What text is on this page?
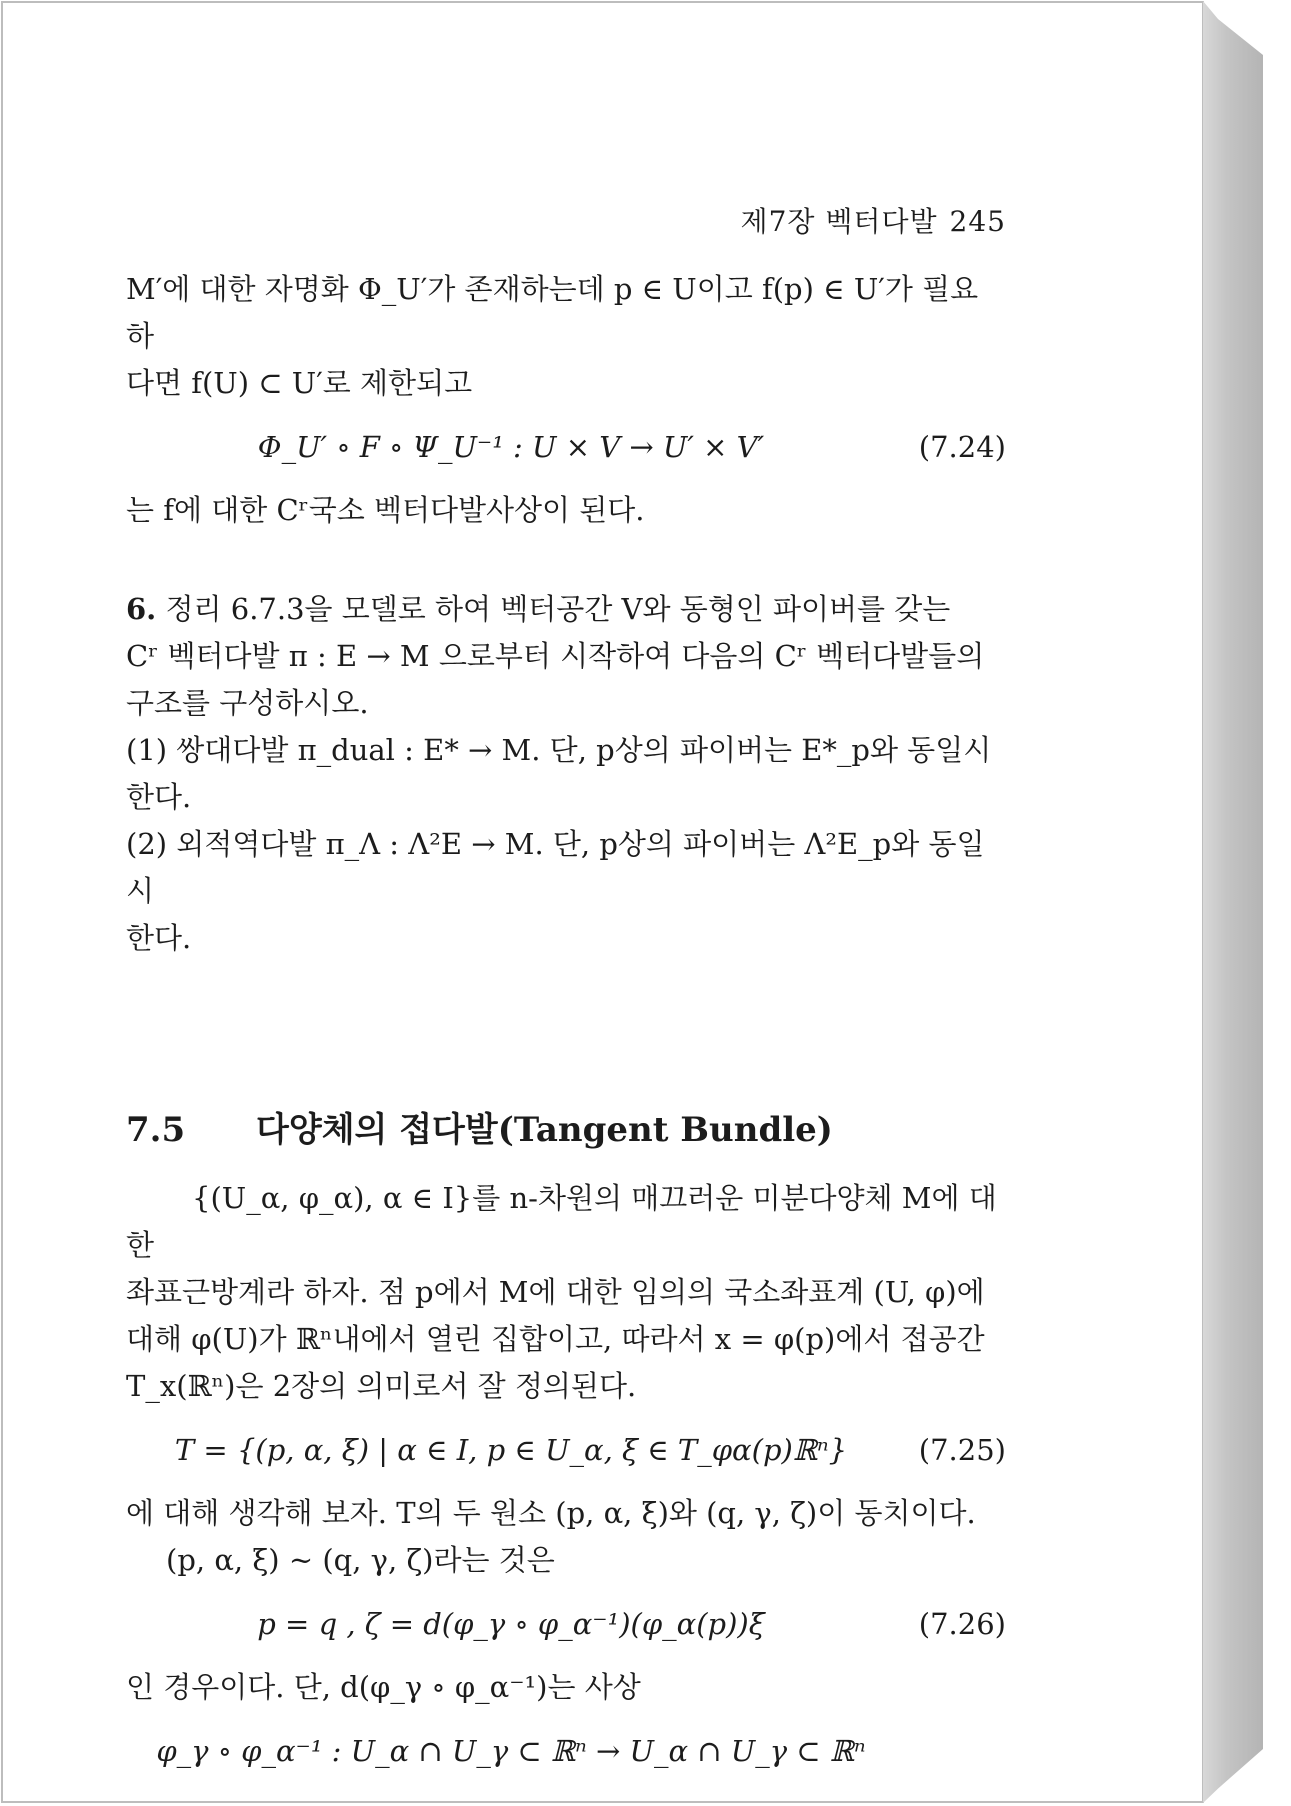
제7장 벡터다발 245

M′에 대한 자명화 Φ_U′가 존재하는데 p ∈ U이고 f(p) ∈ U′가 필요하

다면 f(U) ⊂ U′로 제한되고

Φ_U′ ∘ F ∘ Ψ_U⁻¹ : U × V → U′ × V′	(7.24)

는 f에 대한 Cʳ국소 벡터다발사상이 된다.

6. 정리 6.7.3을 모델로 하여 벡터공간 V와 동형인 파이버를 갖는

Cʳ 벡터다발 π : E → M 으로부터 시작하여 다음의 Cʳ 벡터다발들의

구조를 구성하시오.

(1) 쌍대다발 π_dual : E* → M. 단, p상의 파이버는 E*_p와 동일시한다.

(2) 외적역다발 π_Λ : Λ²E → M. 단, p상의 파이버는 Λ²E_p와 동일시

한다.

7.5 다양체의 접다발(Tangent Bundle)

{(U_α, φ_α), α ∈ I}를 n-차원의 매끄러운 미분다양체 M에 대한

좌표근방계라 하자. 점 p에서 M에 대한 임의의 국소좌표계 (U, φ)에

대해 φ(U)가 ℝⁿ내에서 열린 집합이고, 따라서 x = φ(p)에서 접공간

T_x(ℝⁿ)은 2장의 의미로서 잘 정의된다.

T = {(p, α, ξ) | α ∈ I, p ∈ U_α, ξ ∈ T_φα(p)ℝⁿ}	(7.25)

에 대해 생각해 보자. T의 두 원소 (p, α, ξ)와 (q, γ, ζ)이 동치이다.

(p, α, ξ) ~ (q, γ, ζ)라는 것은

p = q , ζ = d(φ_γ ∘ φ_α⁻¹)(φ_α(p))ξ	(7.26)

인 경우이다. 단, d(φ_γ ∘ φ_α⁻¹)는 사상

φ_γ ∘ φ_α⁻¹ : U_α ∩ U_γ ⊂ ℝⁿ → U_α ∩ U_γ ⊂ ℝⁿ
